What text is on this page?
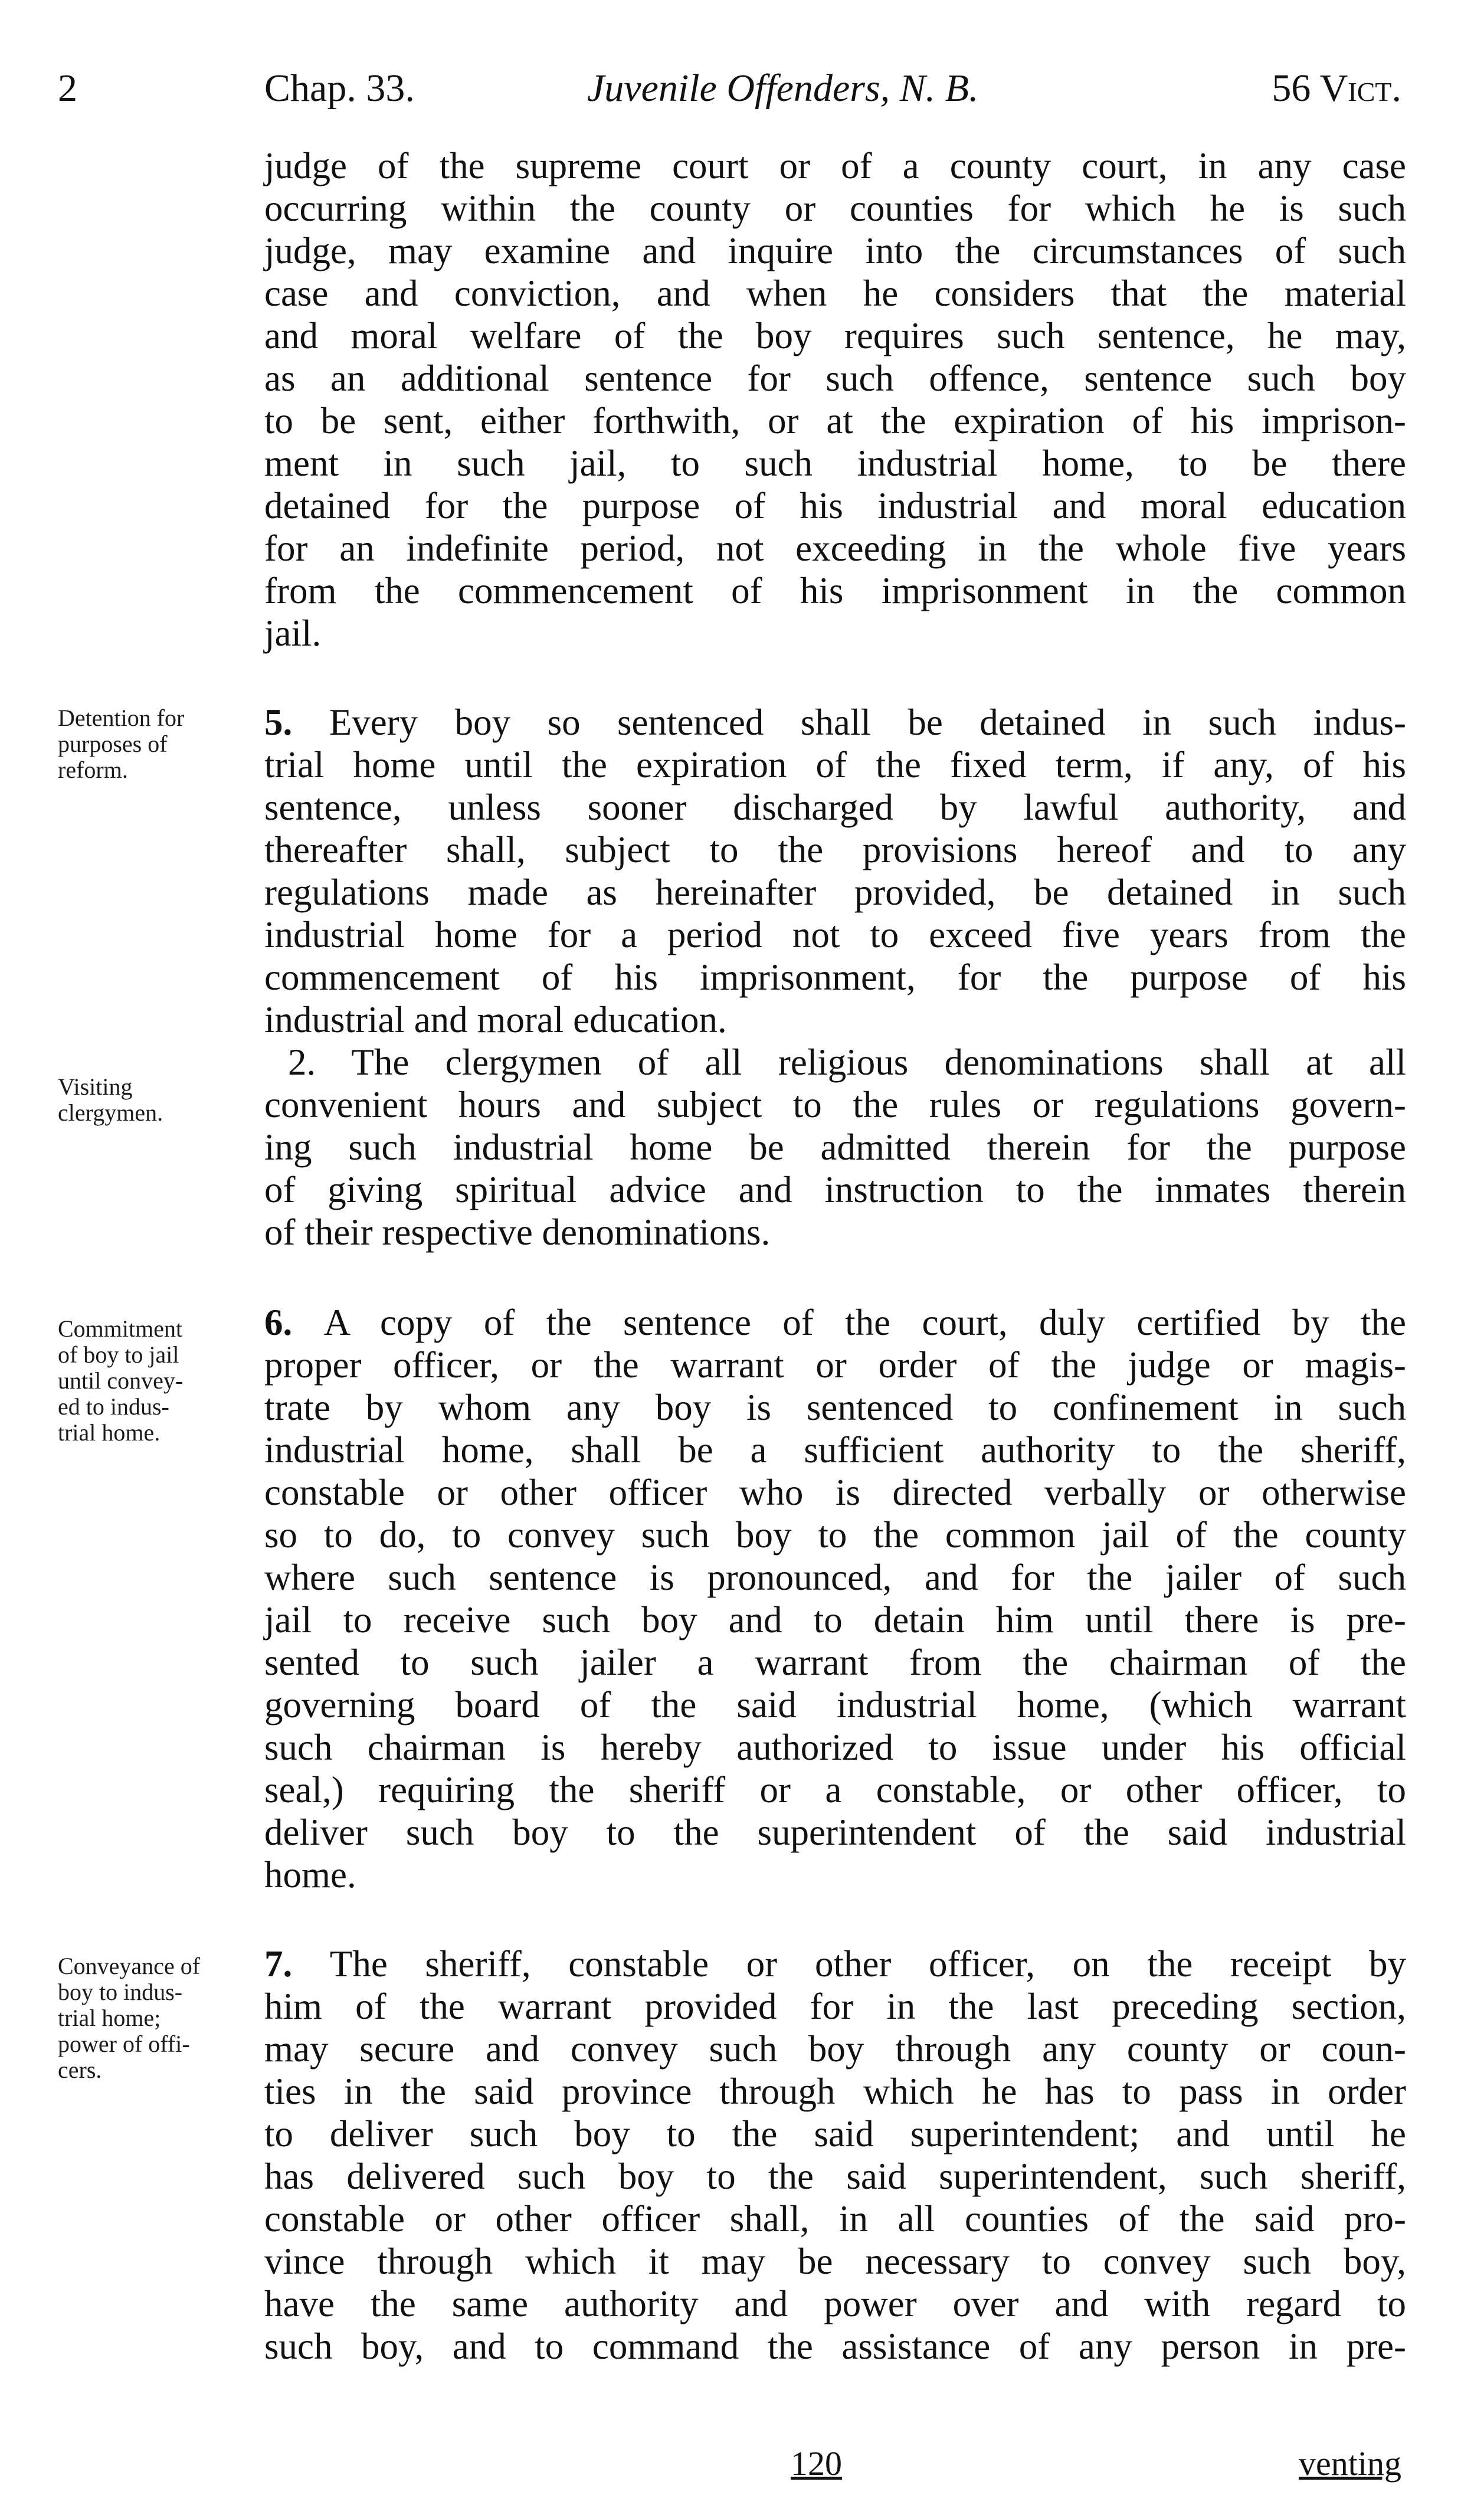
2	Chap. 33.	Juvenile Offenders, N. B.	56 Vict.
Detention for
purposes of
reform.
Visiting
clergymen.
Commitment
of boy to jail
until convey-
ed to indus-
trial home.
Conveyance of
boy to indus-
trial home;
power of offi-
cers.
judge of the supreme court or of a county court, in any case
occurring within the county or counties for which he is such
judge, may examine and inquire into the circumstances of such
case and conviction, and when he considers that the material
and moral welfare of the boy requires such sentence, he may,
as an additional sentence for such offence, sentence such boy
to be sent, either forthwith, or at the expiration of his imprison-
ment in such jail, to such industrial home, to be there
detained for the purpose of his industrial and moral education
for an indefinite period, not exceeding in the whole five years
from the commencement of his imprisonment in the common
jail.
5. Every boy so sentenced shall be detained in such indus-
trial home until the expiration of the fixed term, if any, of his
sentence, unless sooner discharged by lawful authority, and
thereafter shall, subject to the provisions hereof and to any
regulations made as hereinafter provided, be detained in such
industrial home for a period not to exceed five years from the
commencement of his imprisonment, for the purpose of his
industrial and moral education.
2. The clergymen of all religious denominations shall at all
convenient hours and subject to the rules or regulations govern-
ing such industrial home be admitted therein for the purpose
of giving spiritual advice and instruction to the inmates therein
of their respective denominations.
6. A copy of the sentence of the court, duly certified by the
proper officer, or the warrant or order of the judge or magis-
trate by whom any boy is sentenced to confinement in such
industrial home, shall be a sufficient authority to the sheriff,
constable or other officer who is directed verbally or otherwise
so to do, to convey such boy to the common jail of the county
where such sentence is pronounced, and for the jailer of such
jail to receive such boy and to detain him until there is pre-
sented to such jailer a warrant from the chairman of the
governing board of the said industrial home, (which warrant
such chairman is hereby authorized to issue under his official
seal,) requiring the sheriff or a constable, or other officer, to
deliver such boy to the superintendent of the said industrial
home.
7. The sheriff, constable or other officer, on the receipt by
him of the warrant provided for in the last preceding section,
may secure and convey such boy through any county or coun-
ties in the said province through which he has to pass in order
to deliver such boy to the said superintendent; and until he
has delivered such boy to the said superintendent, such sheriff,
constable or other officer shall, in all counties of the said pro-
vince through which it may be necessary to convey such boy,
have the same authority and power over and with regard to
such boy, and to command the assistance of any person in pre-
120	venting
